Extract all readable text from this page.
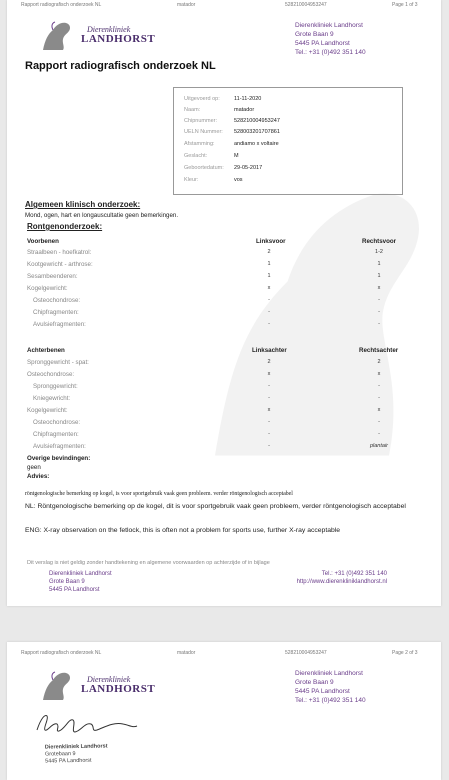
Rapport radiografisch onderzoek NL	matador	528210004953247	Page 1 of 3
Dierenkliniek
LANDHORST
Dierenkliniek Landhorst
Grote Baan 9
5445 PA Landhorst
Tel.: +31 (0)492 351 140
Rapport radiografisch onderzoek NL
Uitgevoerd op:	11-11-2020
Naam:	matador
Chipnummer:	528210004953247
UELN Nummer:	528003201707861
Afstamming:	andiamo x voltaire
Geslacht:	M
Geboortedatum:	29-05-2017
Kleur:	vos
Algemeen klinisch onderzoek:
Mond, ogen, hart en longauscultatie geen bemerkingen.
Rontgenonderzoek:
Voorbenen	Linksvoor	Rechtsvoor
Straalbeen - hoefkatrol:	2	1-2
Kootgewricht - arthrose:	1	1
Sesambeenderen:	1	1
Kogelgewricht:	x	x
Osteochondrose:	-	-
Chipfragmenten:	-	-
Avulsiefragmenten:	-	-
Achterbenen	Linksachter	Rechtsachter
Spronggewricht - spat:	2	2
Osteochondrose:	x	x
Spronggewricht:	-	-
Kniegewricht:	-	-
Kogelgewricht:	x	x
Osteochondrose:	-	-
Chipfragmenten:	-	-
Avulsiefragmenten:	-	plantair
Overige bevindingen:
geen
Advies:
röntgenologische bemerking op kogel, is voor sportgebruik vaak geen probleem. verder röntgenologisch acceptabel
NL: Röntgenologische bemerking op de kogel, dit is voor sportgebruik vaak geen probleem, verder röntgenologisch acceptabel
ENG: X-ray observation on the fetlock, this is often not a problem for sports use, further X-ray acceptable
Dit verslag is niet geldig zonder handtekening en algemene voorwaarden op achterzijde of in bijlage
Dierenkliniek Landhorst
Grote Baan 9
5445 PA Landhorst
Tel.: +31 (0)492 351 140
http://www.dierenkliniklandhorst.nl
Rapport radiografisch onderzoek NL	matador	528210004953247	Page 2 of 3
Dierenkliniek
LANDHORST
Dierenkliniek Landhorst
Grote Baan 9
5445 PA Landhorst
Tel.: +31 (0)492 351 140
Dierenkliniek Landhorst
Grotebaan 9
5445 PA Landhorst
